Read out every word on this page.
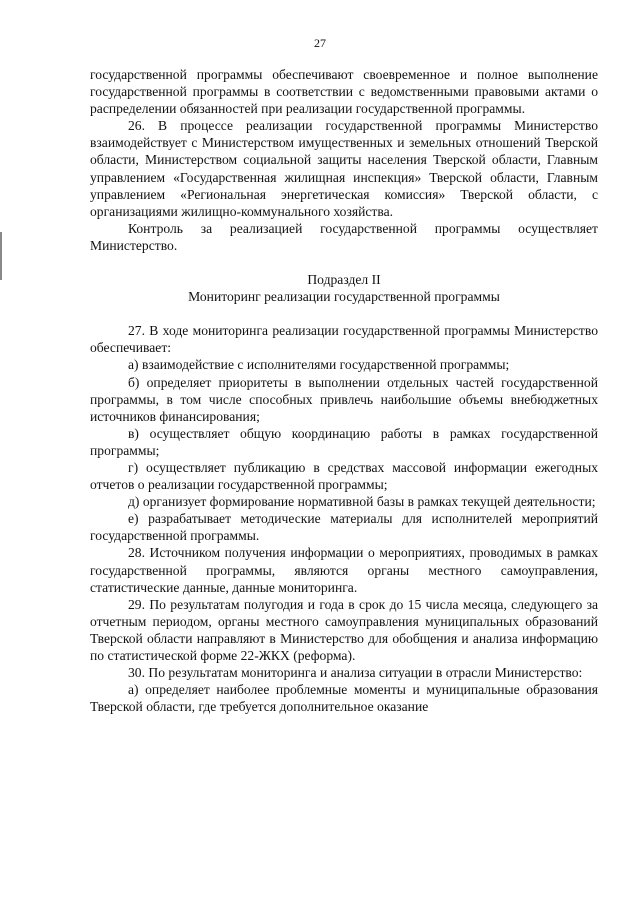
27

государственной программы обеспечивают своевременное и полное выполнение государственной программы в соответствии с ведомственными правовыми актами о распределении обязанностей при реализации государственной программы.

26. В процессе реализации государственной программы Министерство взаимодействует с Министерством имущественных и земельных отношений Тверской области, Министерством социальной защиты населения Тверской области, Главным управлением «Государственная жилищная инспекция» Тверской области, Главным управлением «Региональная энергетическая комиссия» Тверской области, с организациями жилищно-коммунального хозяйства.

Контроль за реализацией государственной программы осуществляет Министерство.

Подраздел II

Мониторинг реализации государственной программы

27. В ходе мониторинга реализации государственной программы Министерство обеспечивает:

а) взаимодействие с исполнителями государственной программы;

б) определяет приоритеты в выполнении отдельных частей государственной программы, в том числе способных привлечь наибольшие объемы внебюджетных источников финансирования;

в) осуществляет общую координацию работы в рамках государственной программы;

г) осуществляет публикацию в средствах массовой информации ежегодных отчетов о реализации государственной программы;

д) организует формирование нормативной базы в рамках текущей деятельности;

е) разрабатывает методические материалы для исполнителей мероприятий государственной программы.

28. Источником получения информации о мероприятиях, проводимых в рамках государственной программы, являются органы местного самоуправления, статистические данные, данные мониторинга.

29. По результатам полугодия и года в срок до 15 числа месяца, следующего за отчетным периодом, органы местного самоуправления муниципальных образований Тверской области направляют в Министерство для обобщения и анализа информацию по статистической форме 22-ЖКХ (реформа).

30. По результатам мониторинга и анализа ситуации в отрасли Министерство:

а) определяет наиболее проблемные моменты и муниципальные образования Тверской области, где требуется дополнительное оказание
